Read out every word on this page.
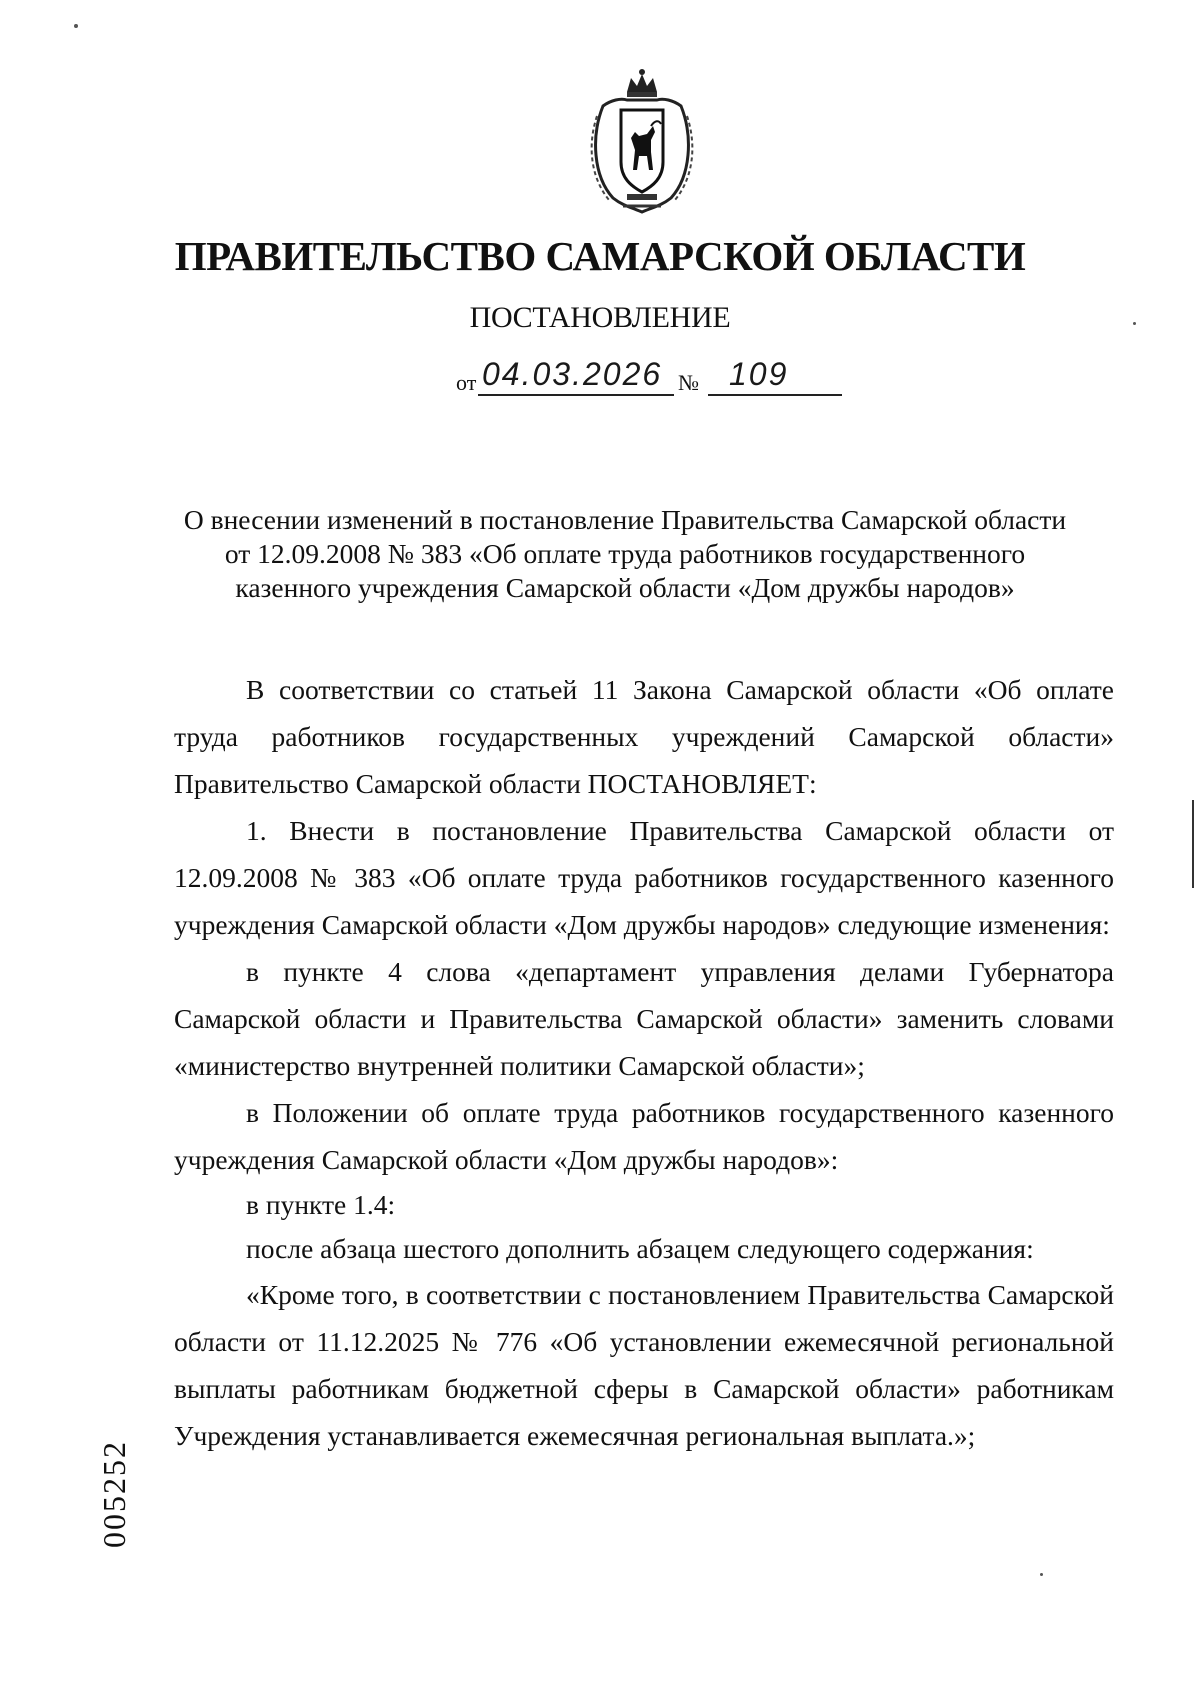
ПРАВИТЕЛЬСТВО САМАРСКОЙ ОБЛАСТИ
ПОСТАНОВЛЕНИЕ
от 04.03.2026 № 109
О внесении изменений в постановление Правительства Самарской области
от 12.09.2008 № 383 «Об оплате труда работников государственного
казенного учреждения Самарской области «Дом дружбы народов»

В соответствии со статьей 11 Закона Самарской области «Об оплате труда работников государственных учреждений Самарской области» Правительство Самарской области ПОСТАНОВЛЯЕТ:

1. Внести в постановление Правительства Самарской области от 12.09.2008 № 383 «Об оплате труда работников государственного казенного учреждения Самарской области «Дом дружбы народов» следующие изменения:

в пункте 4 слова «департамент управления делами Губернатора Самарской области и Правительства Самарской области» заменить словами «министерство внутренней политики Самарской области»;

в Положении об оплате труда работников государственного казенного учреждения Самарской области «Дом дружбы народов»:

в пункте 1.4:

после абзаца шестого дополнить абзацем следующего содержания:

«Кроме того, в соответствии с постановлением Правительства Самарской области от 11.12.2025 № 776 «Об установлении ежемесячной региональной выплаты работникам бюджетной сферы в Самарской области» работникам Учреждения устанавливается ежемесячная региональная выплата.»;

005252
